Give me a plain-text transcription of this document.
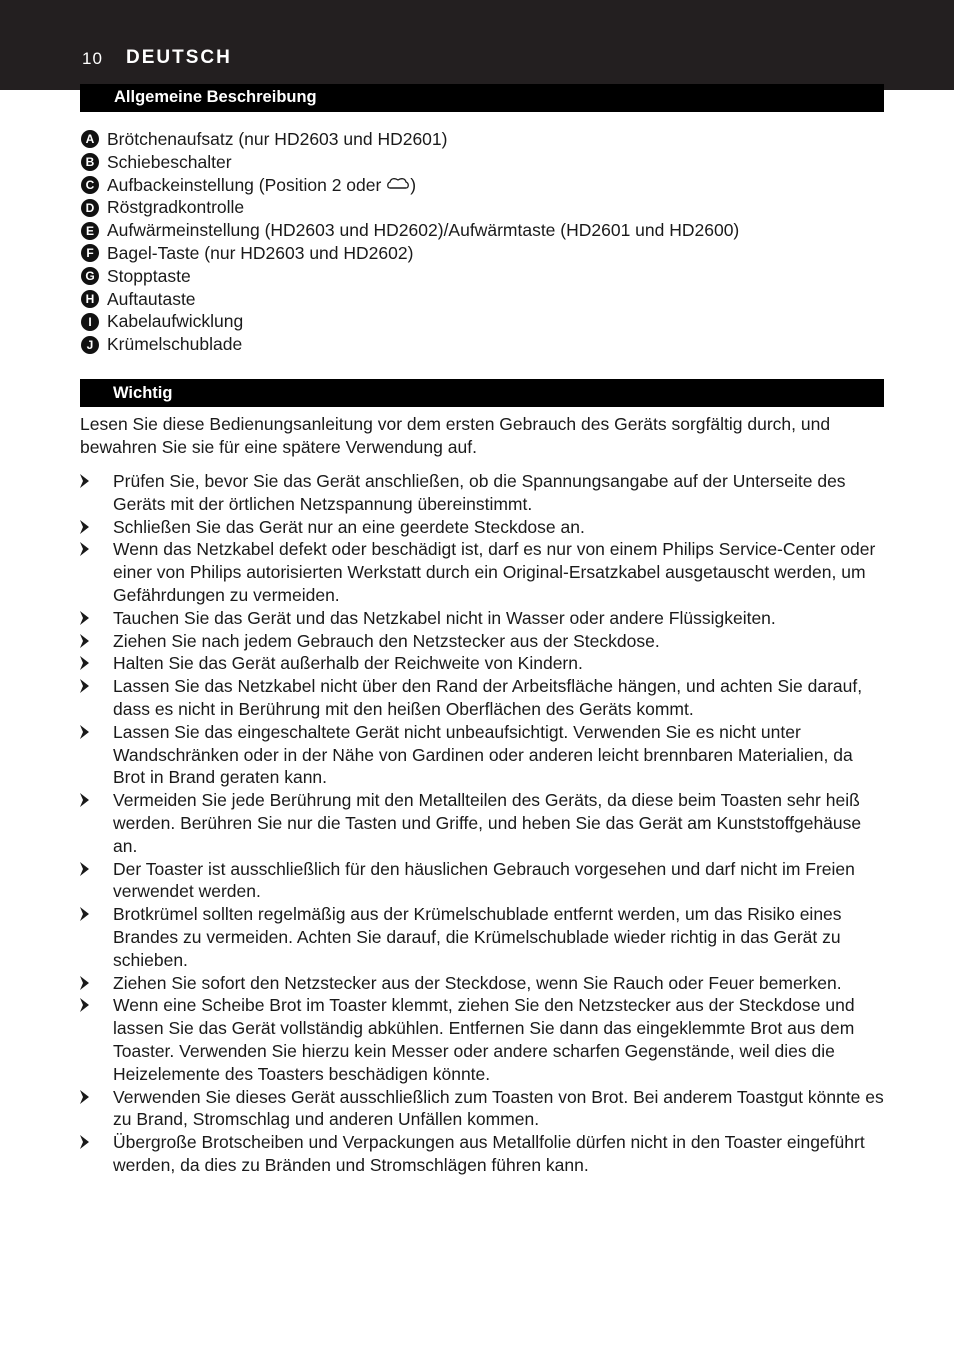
10 DEUTSCH
Allgemeine Beschreibung
A Brötchenaufsatz (nur HD2603 und HD2601)
B Schiebeschalter
C Aufbackeinstellung (Position 2 oder )
D Röstgradkontrolle
E Aufwärmeinstellung (HD2603 und HD2602)/Aufwärmtaste (HD2601 und HD2600)
F Bagel-Taste (nur HD2603 und HD2602)
G Stopptaste
H Auftautaste
I Kabelaufwicklung
J Krümelschublade
Wichtig

Lesen Sie diese Bedienungsanleitung vor dem ersten Gebrauch des Geräts sorgfältig durch, und bewahren Sie sie für eine spätere Verwendung auf.

Prüfen Sie, bevor Sie das Gerät anschließen, ob die Spannungsangabe auf der Unterseite des Geräts mit der örtlichen Netzspannung übereinstimmt.
Schließen Sie das Gerät nur an eine geerdete Steckdose an.
Wenn das Netzkabel defekt oder beschädigt ist, darf es nur von einem Philips Service-Center oder einer von Philips autorisierten Werkstatt durch ein Original-Ersatzkabel ausgetauscht werden, um Gefährdungen zu vermeiden.
Tauchen Sie das Gerät und das Netzkabel nicht in Wasser oder andere Flüssigkeiten.
Ziehen Sie nach jedem Gebrauch den Netzstecker aus der Steckdose.
Halten Sie das Gerät außerhalb der Reichweite von Kindern.
Lassen Sie das Netzkabel nicht über den Rand der Arbeitsfläche hängen, und achten Sie darauf, dass es nicht in Berührung mit den heißen Oberflächen des Geräts kommt.
Lassen Sie das eingeschaltete Gerät nicht unbeaufsichtigt. Verwenden Sie es nicht unter Wandschränken oder in der Nähe von Gardinen oder anderen leicht brennbaren Materialien, da Brot in Brand geraten kann.
Vermeiden Sie jede Berührung mit den Metallteilen des Geräts, da diese beim Toasten sehr heiß werden. Berühren Sie nur die Tasten und Griffe, und heben Sie das Gerät am Kunststoffgehäuse an.
Der Toaster ist ausschließlich für den häuslichen Gebrauch vorgesehen und darf nicht im Freien verwendet werden.
Brotkrümel sollten regelmäßig aus der Krümelschublade entfernt werden, um das Risiko eines Brandes zu vermeiden. Achten Sie darauf, die Krümelschublade wieder richtig in das Gerät zu schieben.
Ziehen Sie sofort den Netzstecker aus der Steckdose, wenn Sie Rauch oder Feuer bemerken.
Wenn eine Scheibe Brot im Toaster klemmt, ziehen Sie den Netzstecker aus der Steckdose und lassen Sie das Gerät vollständig abkühlen. Entfernen Sie dann das eingeklemmte Brot aus dem Toaster. Verwenden Sie hierzu kein Messer oder andere scharfen Gegenstände, weil dies die Heizelemente des Toasters beschädigen könnte.
Verwenden Sie dieses Gerät ausschließlich zum Toasten von Brot. Bei anderem Toastgut könnte es zu Brand, Stromschlag und anderen Unfällen kommen.
Übergroße Brotscheiben und Verpackungen aus Metallfolie dürfen nicht in den Toaster eingeführt werden, da dies zu Bränden und Stromschlägen führen kann.
